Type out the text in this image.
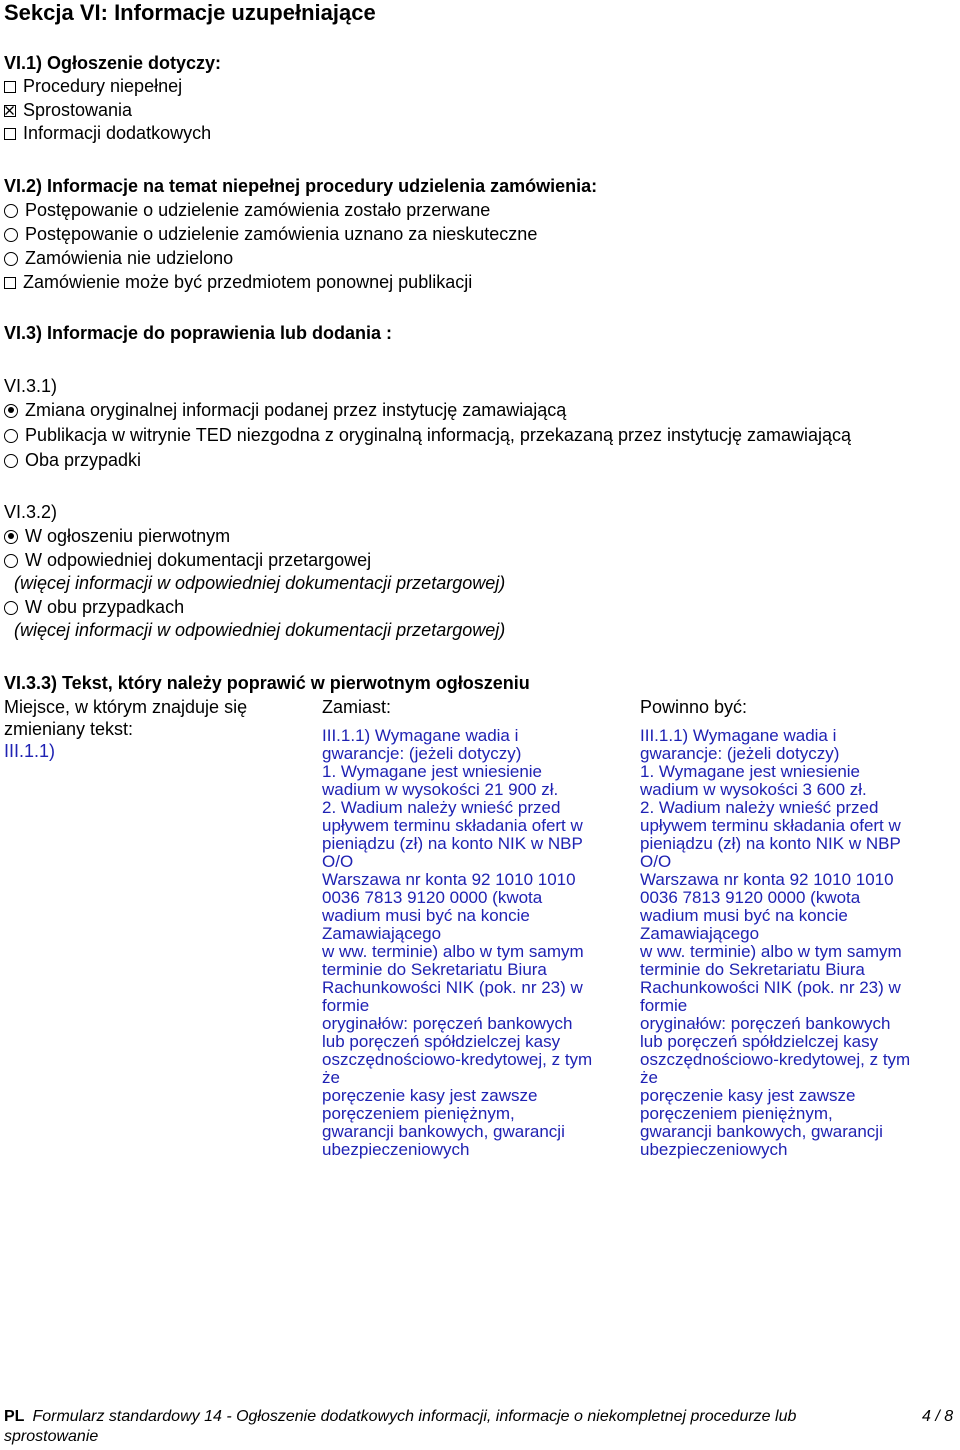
Sekcja VI: Informacje uzupełniające
VI.1) Ogłoszenie dotyczy:
Procedury niepełnej
Sprostowania
Informacji dodatkowych
VI.2) Informacje na temat niepełnej procedury udzielenia zamówienia:
Postępowanie o udzielenie zamówienia zostało przerwane
Postępowanie o udzielenie zamówienia uznano za nieskuteczne
Zamówienia nie udzielono
Zamówienie może być przedmiotem ponownej publikacji
VI.3) Informacje do poprawienia lub dodania :
VI.3.1)
Zmiana oryginalnej informacji podanej przez instytucję zamawiającą
Publikacja w witrynie TED niezgodna z oryginalną informacją, przekazaną przez instytucję zamawiającą
Oba przypadki
VI.3.2)
W ogłoszeniu pierwotnym
W odpowiedniej dokumentacji przetargowej
(więcej informacji w odpowiedniej dokumentacji przetargowej)
W obu przypadkach
(więcej informacji w odpowiedniej dokumentacji przetargowej)
VI.3.3) Tekst, który należy poprawić w pierwotnym ogłoszeniu
Miejsce, w którym znajduje się
zmieniany tekst:
III.1.1)
Zamiast:
III.1.1) Wymagane wadia i
gwarancje: (jeżeli dotyczy)
1. Wymagane jest wniesienie
wadium w wysokości 21 900 zł.
2. Wadium należy wnieść przed
upływem terminu składania ofert w
pieniądzu (zł) na konto NIK w NBP
O/O
Warszawa nr konta 92 1010 1010
0036 7813 9120 0000 (kwota
wadium musi być na koncie
Zamawiającego
w ww. terminie) albo w tym samym
terminie do Sekretariatu Biura
Rachunkowości NIK (pok. nr 23) w
formie
oryginałów: poręczeń bankowych
lub poręczeń spółdzielczej kasy
oszczędnościowo-kredytowej, z tym
że
poręczenie kasy jest zawsze
poręczeniem pieniężnym,
gwarancji bankowych, gwarancji
ubezpieczeniowych
Powinno być:
III.1.1) Wymagane wadia i
gwarancje: (jeżeli dotyczy)
1. Wymagane jest wniesienie
wadium w wysokości 3 600 zł.
2. Wadium należy wnieść przed
upływem terminu składania ofert w
pieniądzu (zł) na konto NIK w NBP
O/O
Warszawa nr konta 92 1010 1010
0036 7813 9120 0000 (kwota
wadium musi być na koncie
Zamawiającego
w ww. terminie) albo w tym samym
terminie do Sekretariatu Biura
Rachunkowości NIK (pok. nr 23) w
formie
oryginałów: poręczeń bankowych
lub poręczeń spółdzielczej kasy
oszczędnościowo-kredytowej, z tym
że
poręczenie kasy jest zawsze
poręczeniem pieniężnym,
gwarancji bankowych, gwarancji
ubezpieczeniowych
PL Formularz standardowy 14 - Ogłoszenie dodatkowych informacji, informacje o niekompletnej procedurze lub
sprostowanie
4 / 8
